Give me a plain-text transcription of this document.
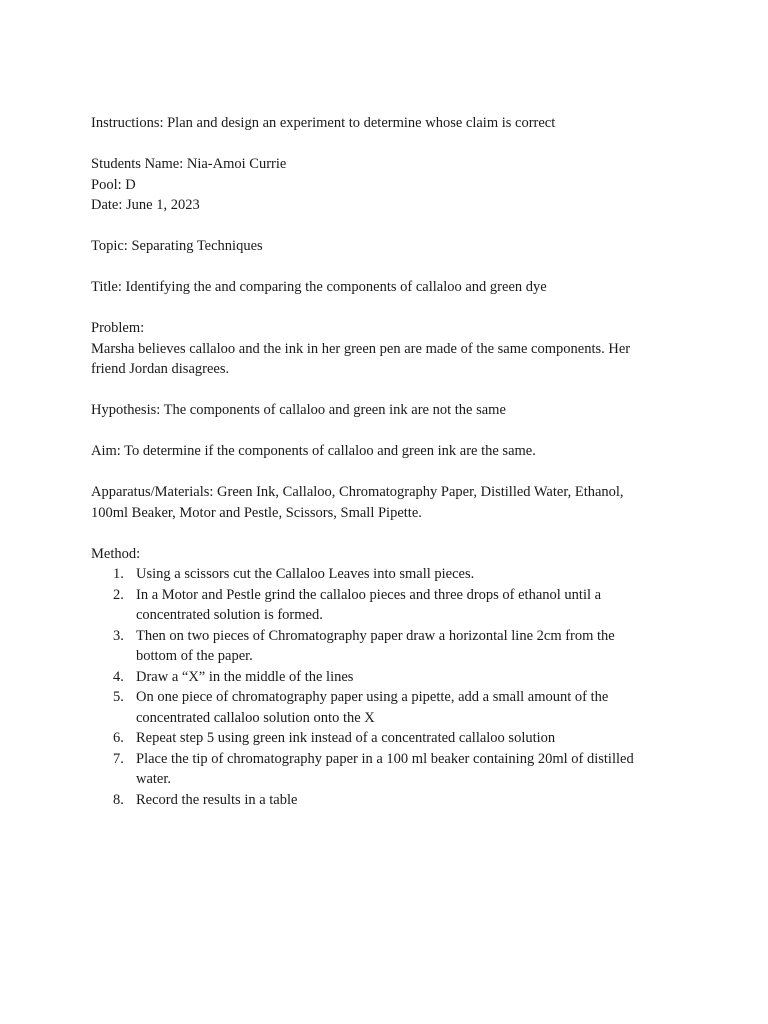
Instructions: Plan and design an experiment to determine whose claim is correct

Students Name: Nia-Amoi Currie

Pool: D

Date: June 1, 2023

Topic: Separating Techniques

Title: Identifying the and comparing the components of callaloo and green dye

Problem:

Marsha believes callaloo and the ink in her green pen are made of the same components. Her

friend Jordan disagrees.

Hypothesis: The components of callaloo and green ink are not the same

Aim: To determine if the components of callaloo and green ink are the same.

Apparatus/Materials: Green Ink, Callaloo, Chromatography Paper, Distilled Water, Ethanol,

100ml Beaker, Motor and Pestle, Scissors, Small Pipette.

Method:

1. Using a scissors cut the Callaloo Leaves into small pieces.
2. In a Motor and Pestle grind the callaloo pieces and three drops of ethanol until a
concentrated solution is formed.
3. Then on two pieces of Chromatography paper draw a horizontal line 2cm from the
bottom of the paper.
4. Draw a “X” in the middle of the lines
5. On one piece of chromatography paper using a pipette, add a small amount of the
concentrated callaloo solution onto the X
6. Repeat step 5 using green ink instead of a concentrated callaloo solution
7. Place the tip of chromatography paper in a 100 ml beaker containing 20ml of distilled
water.
8. Record the results in a table
